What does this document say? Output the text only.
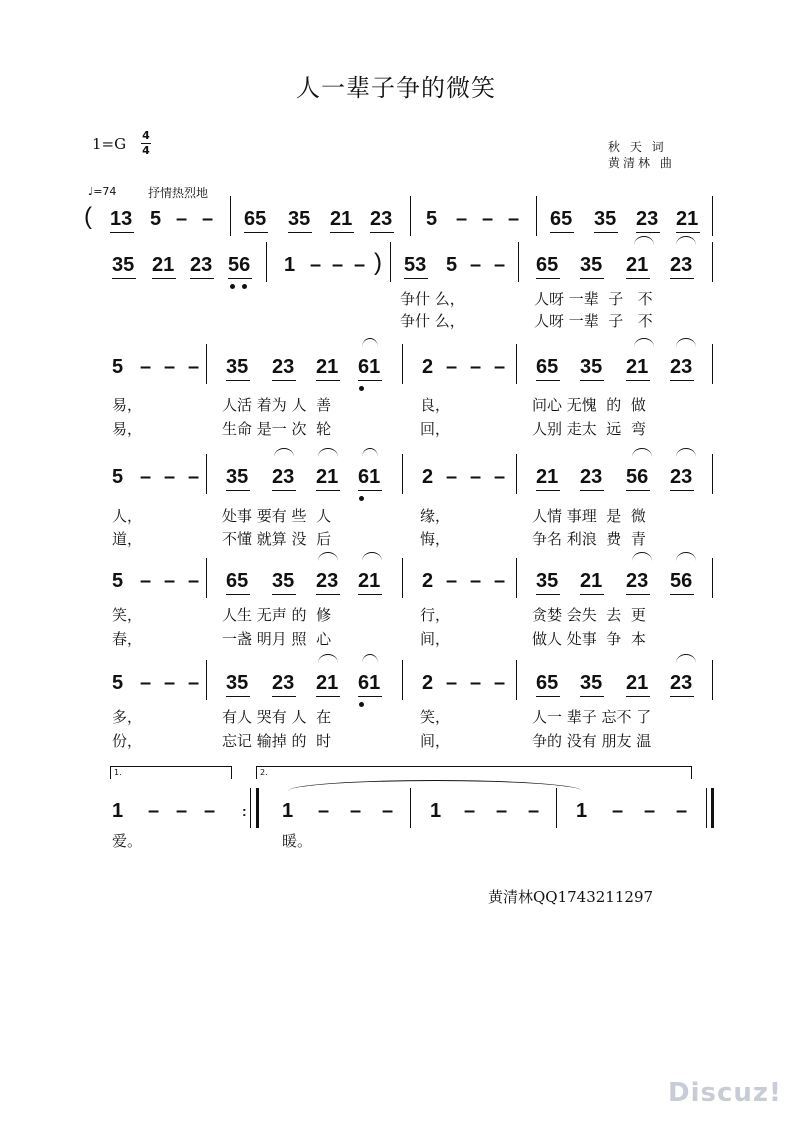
人一辈子争的微笑
1=G 4
4	秋 天 词
黄清林 曲
♩=74	抒情热烈地
( 13 5 – – 65 35 21 23 5 – – – 65 35 23 21
35 21 23 56 1 – – – ) 53 5 – – 65 35 21 23
争什 么，	人呀 一辈  子   不
争什 么，	人呀 一辈  子   不
5 – – – 35 23 21 61 2 – – – 65 35 21 23
易，	人活 着为 人  善	良，	问心 无愧  的  做
易，	生命 是一 次  轮	回，	人别 走太  远  弯
5 – – – 35 23 21 61 2 – – – 21 23 56 23
人，	处事 要有 些  人	缘，	人情 事理  是  微
道，	不懂 就算 没  后	悔，	争名 利浪  费  青
5 – – – 65 35 23 21 2 – – – 35 21 23 56
笑，	人生 无声 的  修	行，	贪婪 会失  去  更
春，	一盏 明月 照  心	间，	做人 处事  争  本
5 – – – 35 23 21 61 2 – – – 65 35 21 23
多，	有人 哭有 人  在	笑，	人一 辈子 忘不 了
份，	忘记 输掉 的  时	间，	争的 没有 朋友 温
1.	2.
1 – – – : 1 – – – 1 – – – 1 – – –
爱。	暖。
黄清林QQ1743211297
Discuz!
